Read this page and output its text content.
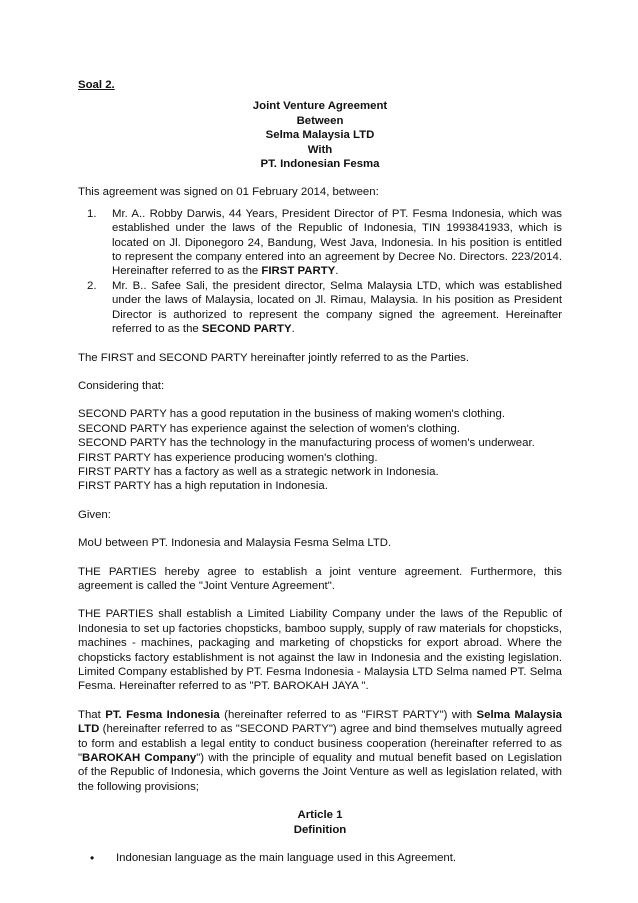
Soal 2.

Joint Venture Agreement
Between
Selma Malaysia LTD
With
PT. Indonesian Fesma

This agreement was signed on 01 February 2014, between:

1. Mr. A.. Robby Darwis, 44 Years, President Director of PT. Fesma Indonesia, which was established under the laws of the Republic of Indonesia, TIN 1993841933, which is located on Jl. Diponegoro 24, Bandung, West Java, Indonesia. In his position is entitled to represent the company entered into an agreement by Decree No. Directors. 223/2014. Hereinafter referred to as the FIRST PARTY.
2. Mr. B.. Safee Sali, the president director, Selma Malaysia LTD, which was established under the laws of Malaysia, located on Jl. Rimau, Malaysia. In his position as President Director is authorized to represent the company signed the agreement. Hereinafter referred to as the SECOND PARTY.

The FIRST and SECOND PARTY hereinafter jointly referred to as the Parties.

Considering that:

SECOND PARTY has a good reputation in the business of making women's clothing.

SECOND PARTY has experience against the selection of women's clothing.

SECOND PARTY has the technology in the manufacturing process of women's underwear.

FIRST PARTY has experience producing women's clothing.

FIRST PARTY has a factory as well as a strategic network in Indonesia.

FIRST PARTY has a high reputation in Indonesia.

Given:

MoU between PT. Indonesia and Malaysia Fesma Selma LTD.

THE PARTIES hereby agree to establish a joint venture agreement. Furthermore, this agreement is called the "Joint Venture Agreement".

THE PARTIES shall establish a Limited Liability Company under the laws of the Republic of Indonesia to set up factories chopsticks, bamboo supply, supply of raw materials for chopsticks, machines - machines, packaging and marketing of chopsticks for export abroad. Where the chopsticks factory establishment is not against the law in Indonesia and the existing legislation. Limited Company established by PT. Fesma Indonesia - Malaysia LTD Selma named PT. Selma Fesma. Hereinafter referred to as "PT. BAROKAH JAYA ".

That PT. Fesma Indonesia (hereinafter referred to as "FIRST PARTY") with Selma Malaysia LTD (hereinafter referred to as "SECOND PARTY") agree and bind themselves mutually agreed to form and establish a legal entity to conduct business cooperation (hereinafter referred to as "BAROKAH Company") with the principle of equality and mutual benefit based on Legislation of the Republic of Indonesia, which governs the Joint Venture as well as legislation related, with the following provisions;

Article 1

Definition

• Indonesian language as the main language used in this Agreement.
